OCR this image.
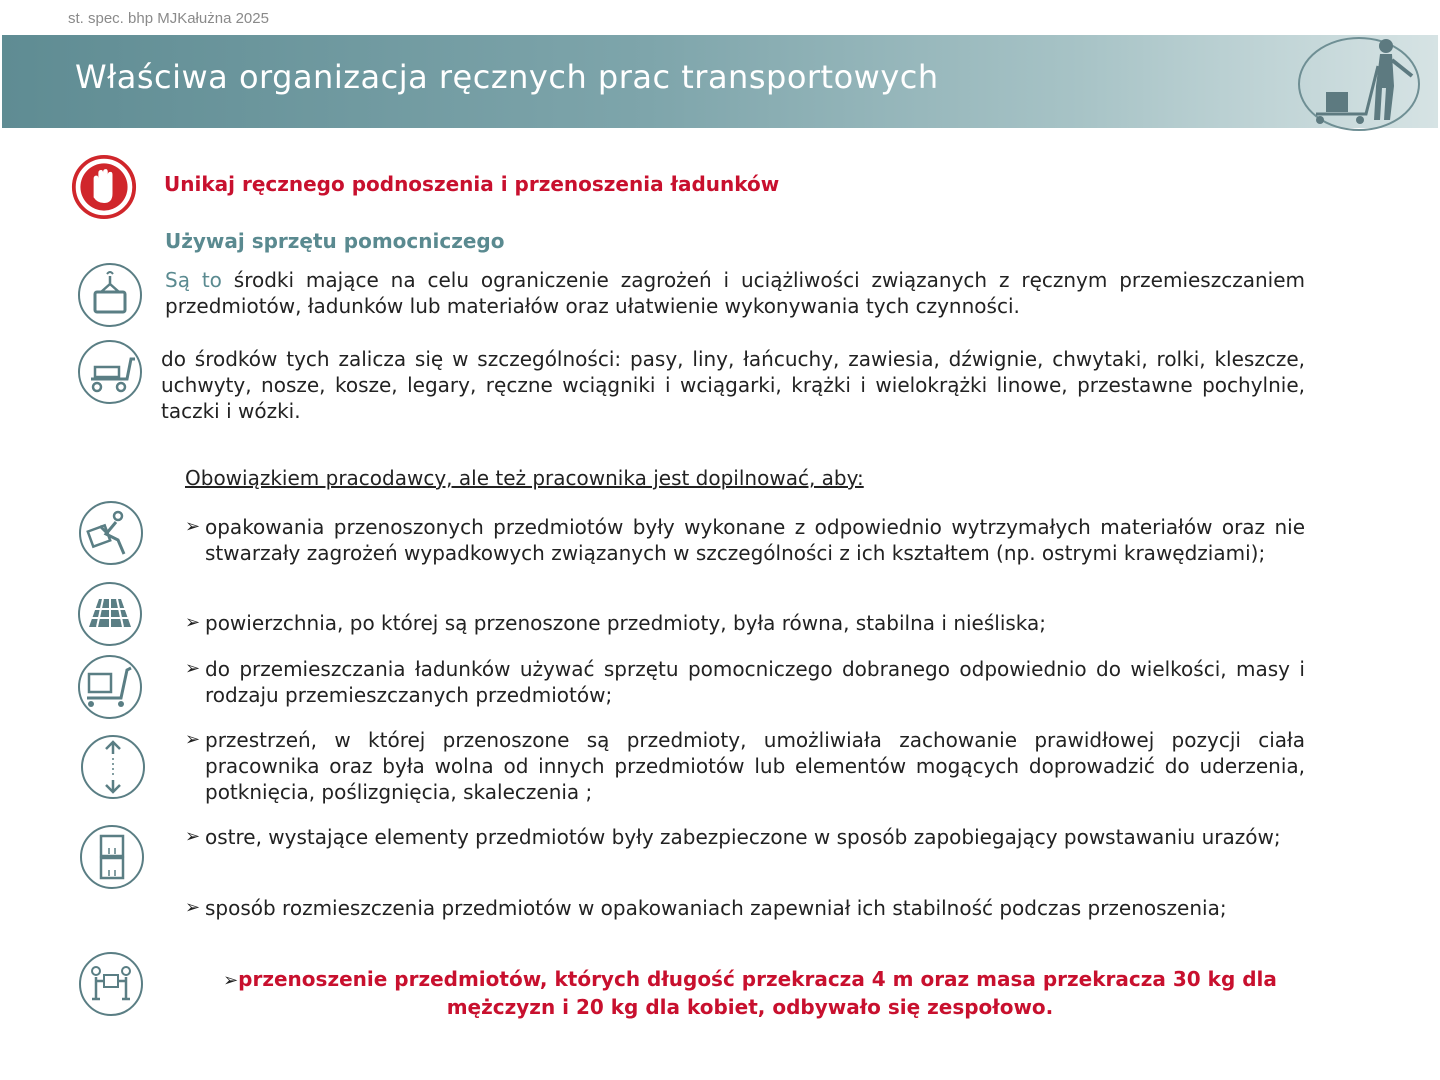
st. spec. bhp MJKałużna 2025
Właściwa organizacja ręcznych prac transportowych
Unikaj ręcznego podnoszenia i przenoszenia ładunków
Używaj sprzętu pomocniczego
Są to środki mające na celu ograniczenie zagrożeń i uciążliwości związanych z ręcznym przemieszczaniem przedmiotów, ładunków lub materiałów oraz ułatwienie wykonywania tych czynności.
do środków tych zalicza się w szczególności: pasy, liny, łańcuchy, zawiesia, dźwignie, chwytaki, rolki, kleszcze, uchwyty, nosze, kosze, legary, ręczne wciągniki i wciągarki, krążki i wielokrążki linowe, przestawne pochylnie, taczki i wózki.
Obowiązkiem pracodawcy, ale też pracownika jest dopilnować, aby:
➢ opakowania przenoszonych przedmiotów były wykonane z odpowiednio wytrzymałych materiałów oraz nie stwarzały zagrożeń wypadkowych związanych w szczególności z ich kształtem (np. ostrymi krawędziami);
➢ powierzchnia, po której są przenoszone przedmioty, była równa, stabilna i nieśliska;
➢ do przemieszczania ładunków używać sprzętu pomocniczego dobranego odpowiednio do wielkości, masy i rodzaju przemieszczanych przedmiotów;
➢ przestrzeń, w której przenoszone są przedmioty, umożliwiała zachowanie prawidłowej pozycji ciała pracownika oraz była wolna od innych przedmiotów lub elementów mogących doprowadzić do uderzenia, potknięcia, poślizgnięcia, skaleczenia ;
➢ ostre, wystające elementy przedmiotów były zabezpieczone w sposób zapobiegający powstawaniu urazów;
➢ sposób rozmieszczenia przedmiotów w opakowaniach zapewniał ich stabilność podczas przenoszenia;
➢przenoszenie przedmiotów, których długość przekracza 4 m oraz masa przekracza 30 kg dla mężczyzn i 20 kg dla kobiet, odbywało się zespołowo.
